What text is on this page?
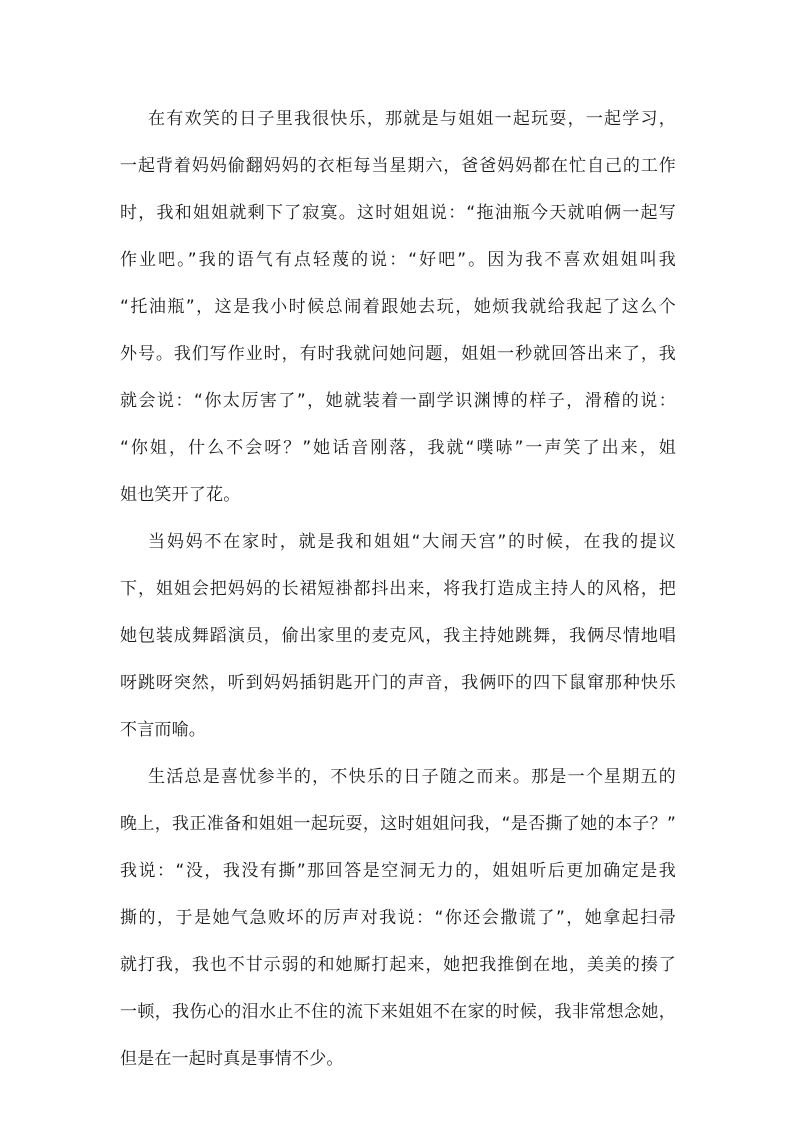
在有欢笑的日子里我很快乐，那就是与姐姐一起玩耍，一起学习，
一起背着妈妈偷翻妈妈的衣柜每当星期六，爸爸妈妈都在忙自己的工作
时，我和姐姐就剩下了寂寞。这时姐姐说：“拖油瓶今天就咱俩一起写
作业吧。”我的语气有点轻蔑的说：“好吧”。因为我不喜欢姐姐叫我
“托油瓶”，这是我小时候总闹着跟她去玩，她烦我就给我起了这么个
外号。我们写作业时，有时我就问她问题，姐姐一秒就回答出来了，我
就会说：“你太厉害了”，她就装着一副学识渊博的样子，滑稽的说：
“你姐，什么不会呀？”她话音刚落，我就“噗哧”一声笑了出来，姐
姐也笑开了花。
当妈妈不在家时，就是我和姐姐“大闹天宫”的时候，在我的提议
下，姐姐会把妈妈的长裙短褂都抖出来，将我打造成主持人的风格，把
她包装成舞蹈演员，偷出家里的麦克风，我主持她跳舞，我俩尽情地唱
呀跳呀突然，听到妈妈插钥匙开门的声音，我俩吓的四下鼠窜那种快乐
不言而喻。
生活总是喜忧参半的，不快乐的日子随之而来。那是一个星期五的
晚上，我正准备和姐姐一起玩耍，这时姐姐问我，“是否撕了她的本子？”
我说：“没，我没有撕”那回答是空洞无力的，姐姐听后更加确定是我
撕的，于是她气急败坏的厉声对我说：“你还会撒谎了”，她拿起扫帚
就打我，我也不甘示弱的和她厮打起来，她把我推倒在地，美美的揍了
一顿，我伤心的泪水止不住的流下来姐姐不在家的时候，我非常想念她，
但是在一起时真是事情不少。
